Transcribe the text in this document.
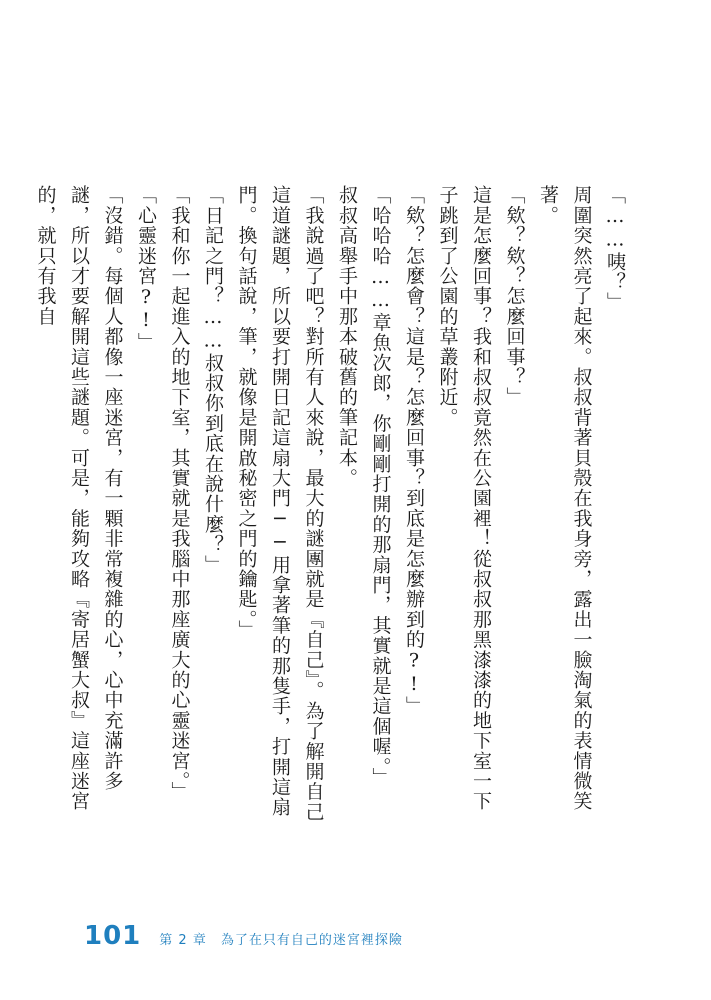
「……咦？」

周圍突然亮了起來。叔叔背著貝殼在我身旁，露出一臉淘氣的表情微笑著。

「欸？欸？怎麼回事？」

這是怎麼回事？我和叔叔竟然在公園裡！從叔叔那黑漆漆的地下室一下子跳到了公園的草叢附近。

「欸？怎麼會？這是？怎麼回事？到底是怎麼辦到的?!」

「哈哈哈……章魚次郎，你剛剛打開的那扇門，其實就是這個喔。」

叔叔高舉手中那本破舊的筆記本。

「我說過了吧？對所有人來說，最大的謎團就是『自己』。為了解開自己這道謎題，所以要打開日記這扇大門──用拿著筆的那隻手，打開這扇門。換句話說，筆，就像是開啟秘密之門的鑰匙。」

「日記之門？……叔叔你到底在說什麼？」

「我和你一起進入的地下室，其實就是我腦中那座廣大的心靈迷宮。」

「心靈迷宮?!」

「沒錯。每個人都像一座迷宮，有一顆非常複雜的心，心中充滿許多謎，所以才要解開這些謎題。可是，能夠攻略『寄居蟹大叔』這座迷宮的，就只有我自

101 第 2 章　為了在只有自己的迷宮裡探險
